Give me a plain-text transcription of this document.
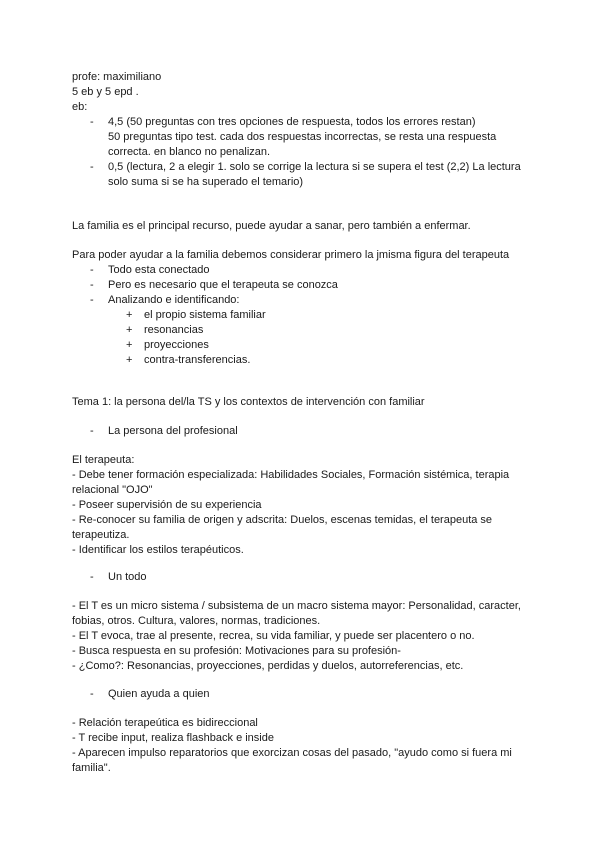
profe: maximiliano
5 eb y 5 epd .
eb:
- 4,5 (50 preguntas con tres opciones de respuesta, todos los errores restan)
50 preguntas tipo test. cada dos respuestas incorrectas, se resta una respuesta
correcta. en blanco no penalizan.
- 0,5 (lectura, 2 a elegir 1. solo se corrige la lectura si se supera el test (2,2) La lectura
solo suma si se ha superado el temario)
La familia es el principal recurso, puede ayudar a sanar, pero también a enfermar.
Para poder ayudar a la familia debemos considerar primero la jmisma figura del terapeuta
- Todo esta conectado
- Pero es necesario que el terapeuta se conozca
- Analizando e identificando:
+ el propio sistema familiar
+ resonancias
+ proyecciones
+ contra-transferencias.
Tema 1: la persona del/la TS y los contextos de intervención con familiar
- La persona del profesional
El terapeuta:
- Debe tener formación especializada: Habilidades Sociales, Formación sistémica, terapia
relacional "OJO"
- Poseer supervisión de su experiencia
- Re-conocer su familia de origen y adscrita: Duelos, escenas temidas, el terapeuta se
terapeutiza.
- Identificar los estilos terapéuticos.
- Un todo
- El T es un micro sistema / subsistema de un macro sistema mayor: Personalidad, caracter,
fobias, otros. Cultura, valores, normas, tradiciones.
- El T evoca, trae al presente, recrea, su vida familiar, y puede ser placentero o no.
- Busca respuesta en su profesión: Motivaciones para su profesión-
- ¿Como?: Resonancias, proyecciones, perdidas y duelos, autorreferencias, etc.
- Quien ayuda a quien
- Relación terapeútica es bidireccional
- T recibe input, realiza flashback e inside
- Aparecen impulso reparatorios que exorcizan cosas del pasado, "ayudo como si fuera mi
familia".
